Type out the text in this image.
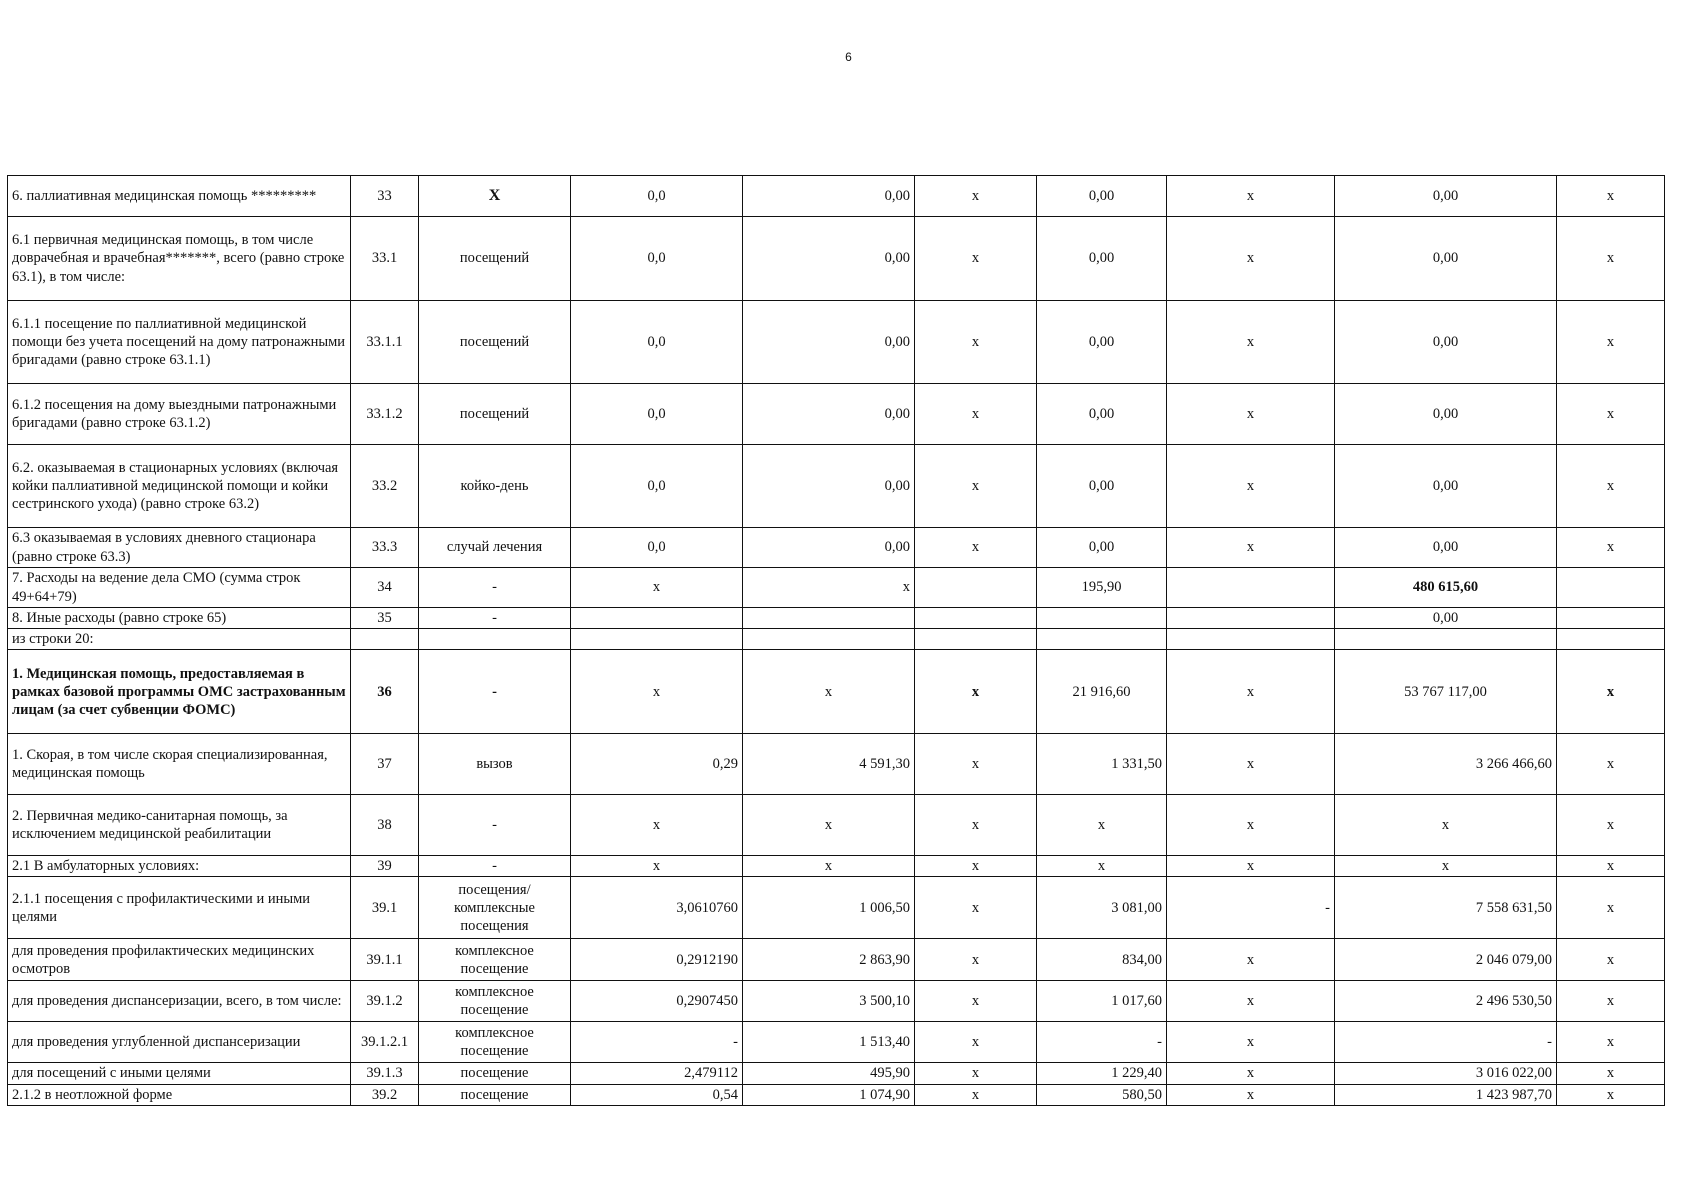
6
6. паллиативная медицинская помощь *********	33	X	0,0	0,00	x	0,00	x	0,00	x
6.1 первичная медицинская помощь, в том числе доврачебная и врачебная*******, всего (равно строке 63.1), в том числе:	33.1	посещений	0,0	0,00	x	0,00	x	0,00	x
6.1.1 посещение по паллиативной медицинской помощи без учета посещений на дому патронажными бригадами (равно строке 63.1.1)	33.1.1	посещений	0,0	0,00	x	0,00	x	0,00	x
6.1.2 посещения на дому выездными патронажными бригадами (равно строке 63.1.2)	33.1.2	посещений	0,0	0,00	x	0,00	x	0,00	x
6.2. оказываемая в стационарных условиях (включая койки паллиативной медицинской помощи и койки сестринского ухода) (равно строке 63.2)	33.2	койко-день	0,0	0,00	x	0,00	x	0,00	x
6.3 оказываемая в условиях дневного стационара (равно строке 63.3)	33.3	случай лечения	0,0	0,00	x	0,00	x	0,00	x
7. Расходы на ведение дела СМО (сумма строк 49+64+79)	34	-	x	x		195,90		480 615,60	
8. Иные расходы (равно строке 65)	35	-						0,00	
из строки 20:									
1. Медицинская помощь, предоставляемая в рамках базовой программы ОМС застрахованным лицам (за счет субвенции ФОМС)	36	-	x	x	x	21 916,60	x	53 767 117,00	x
1. Скорая, в том числе скорая специализированная, медицинская помощь	37	вызов	0,29	4 591,30	x	1 331,50	x	3 266 466,60	x
2. Первичная медико-санитарная помощь, за исключением медицинской реабилитации	38	-	x	x	x	x	x	x	x
2.1 В амбулаторных условиях:	39	-	x	x	x	x	x	x	x
2.1.1 посещения с профилактическими и иными целями	39.1	посещения/комплексные посещения	3,0610760	1 006,50	x	3 081,00	-	7 558 631,50	x
для проведения профилактических медицинских осмотров	39.1.1	комплексное посещение	0,2912190	2 863,90	x	834,00	x	2 046 079,00	x
для проведения диспансеризации, всего, в том числе:	39.1.2	комплексное посещение	0,2907450	3 500,10	x	1 017,60	x	2 496 530,50	x
для проведения углубленной диспансеризации	39.1.2.1	комплексное посещение	-	1 513,40	x	-	x	-	x
для посещений с иными целями	39.1.3	посещение	2,479112	495,90	x	1 229,40	x	3 016 022,00	x
2.1.2 в неотложной форме	39.2	посещение	0,54	1 074,90	x	580,50	x	1 423 987,70	x
